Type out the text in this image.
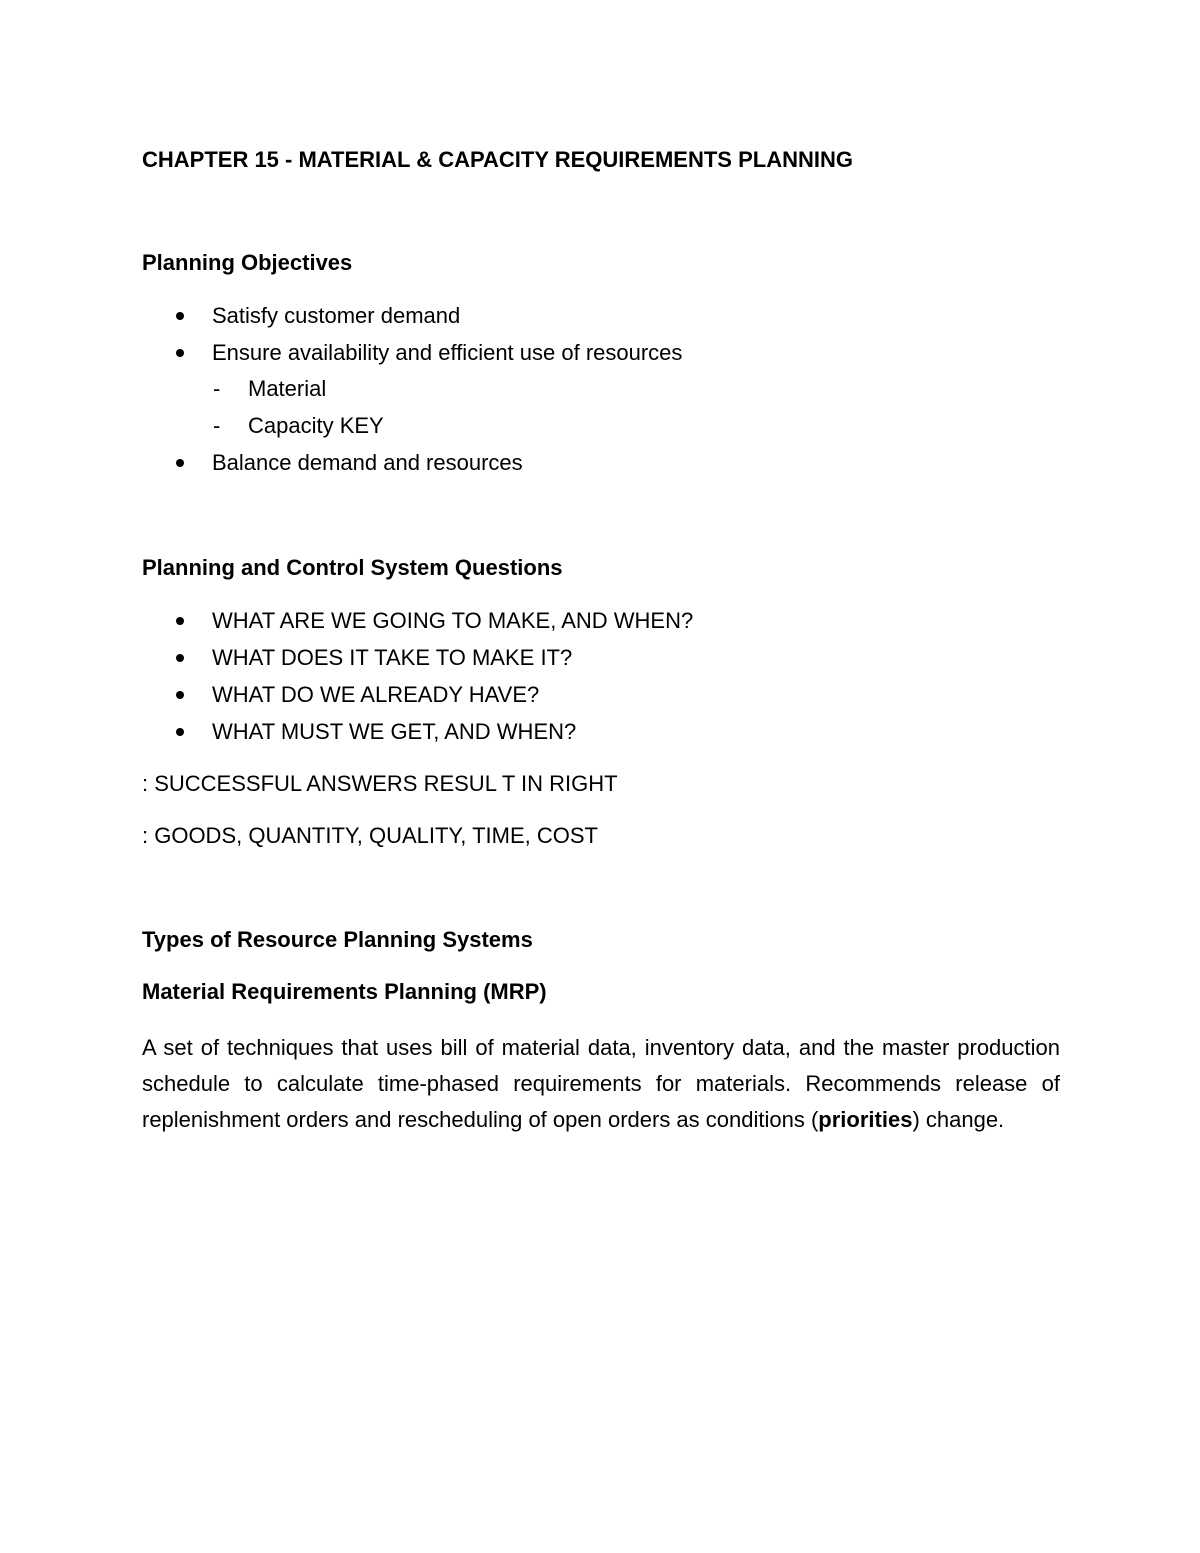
CHAPTER 15 - MATERIAL & CAPACITY REQUIREMENTS PLANNING
Planning Objectives
Satisfy customer demand
Ensure availability and efficient use of resources
- Material
- Capacity KEY
Balance demand and resources
Planning and Control System Questions
WHAT ARE WE GOING TO MAKE, AND WHEN?
WHAT DOES IT TAKE TO MAKE IT?
WHAT DO WE ALREADY HAVE?
WHAT MUST WE GET, AND WHEN?

: SUCCESSFUL ANSWERS RESUL T IN RIGHT

: GOODS, QUANTITY, QUALITY, TIME, COST

Types of Resource Planning Systems
Material Requirements Planning (MRP)

A set of techniques that uses bill of material data, inventory data, and the master production schedule to calculate time-phased requirements for materials. Recommends release of replenishment orders and rescheduling of open orders as conditions (priorities) change.
